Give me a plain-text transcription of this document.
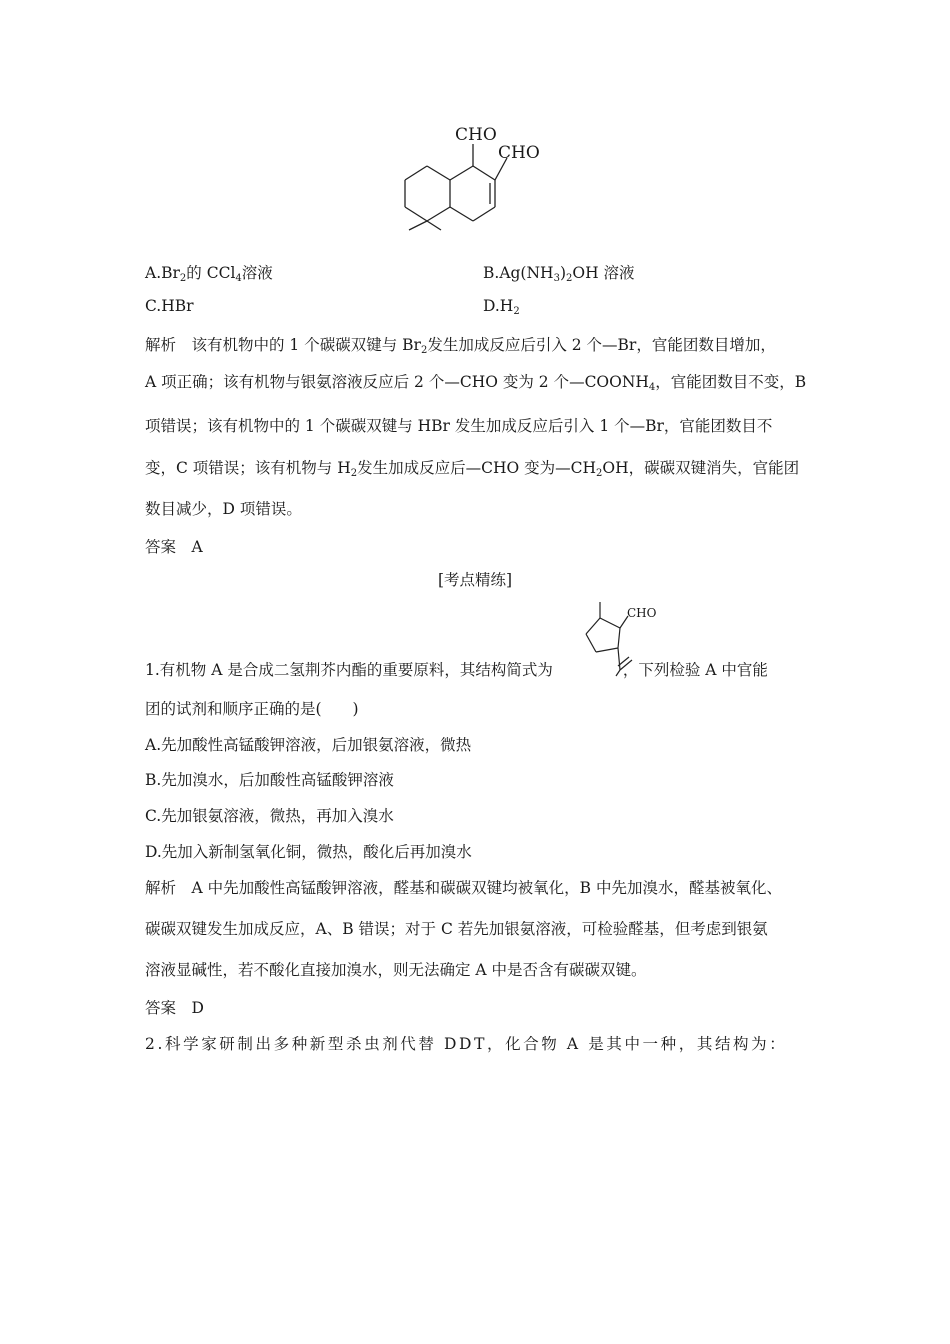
CHO
CHO
$A.Br_2$的 CCl$_4$溶液	$B.Ag(NH_3)_2OH$ 溶液
C.HBr	$D.H_2$
解析　该有机物中的 1 个碳碳双键与 $Br_2$发生加成反应后引入 2 个—Br，官能团数目增加，
A 项正确；该有机物与银氨溶液反应后 2 个—CHO 变为 2 个$—COONH_4$，官能团数目不变，B
项错误；该有机物中的 1 个碳碳双键与 HBr 发生加成反应后引入 1 个—Br，官能团数目不
变，C 项错误；该有机物与 $H_2$发生加成反应后—CHO 变为$—CH_2OH$，碳碳双键消失，官能团
数目减少，D 项错误。
答案　A
[考点精练]
CHO
1.有机物 A 是合成二氢荆芥内酯的重要原料，其结构简式为	，下列检验 A 中官能
团的试剂和顺序正确的是(　　)
A.先加酸性高锰酸钾溶液，后加银氨溶液，微热
B.先加溴水，后加酸性高锰酸钾溶液
C.先加银氨溶液，微热，再加入溴水
D.先加入新制氢氧化铜，微热，酸化后再加溴水
解析　A 中先加酸性高锰酸钾溶液，醛基和碳碳双键均被氧化，B 中先加溴水，醛基被氧化、
碳碳双键发生加成反应，A、B 错误；对于 C 若先加银氨溶液，可检验醛基，但考虑到银氨
溶液显碱性，若不酸化直接加溴水，则无法确定 A 中是否含有碳碳双键。
答案　D
2.科学家研制出多种新型杀虫剂代替 DDT，化合物 A 是其中一种，其结构为：
